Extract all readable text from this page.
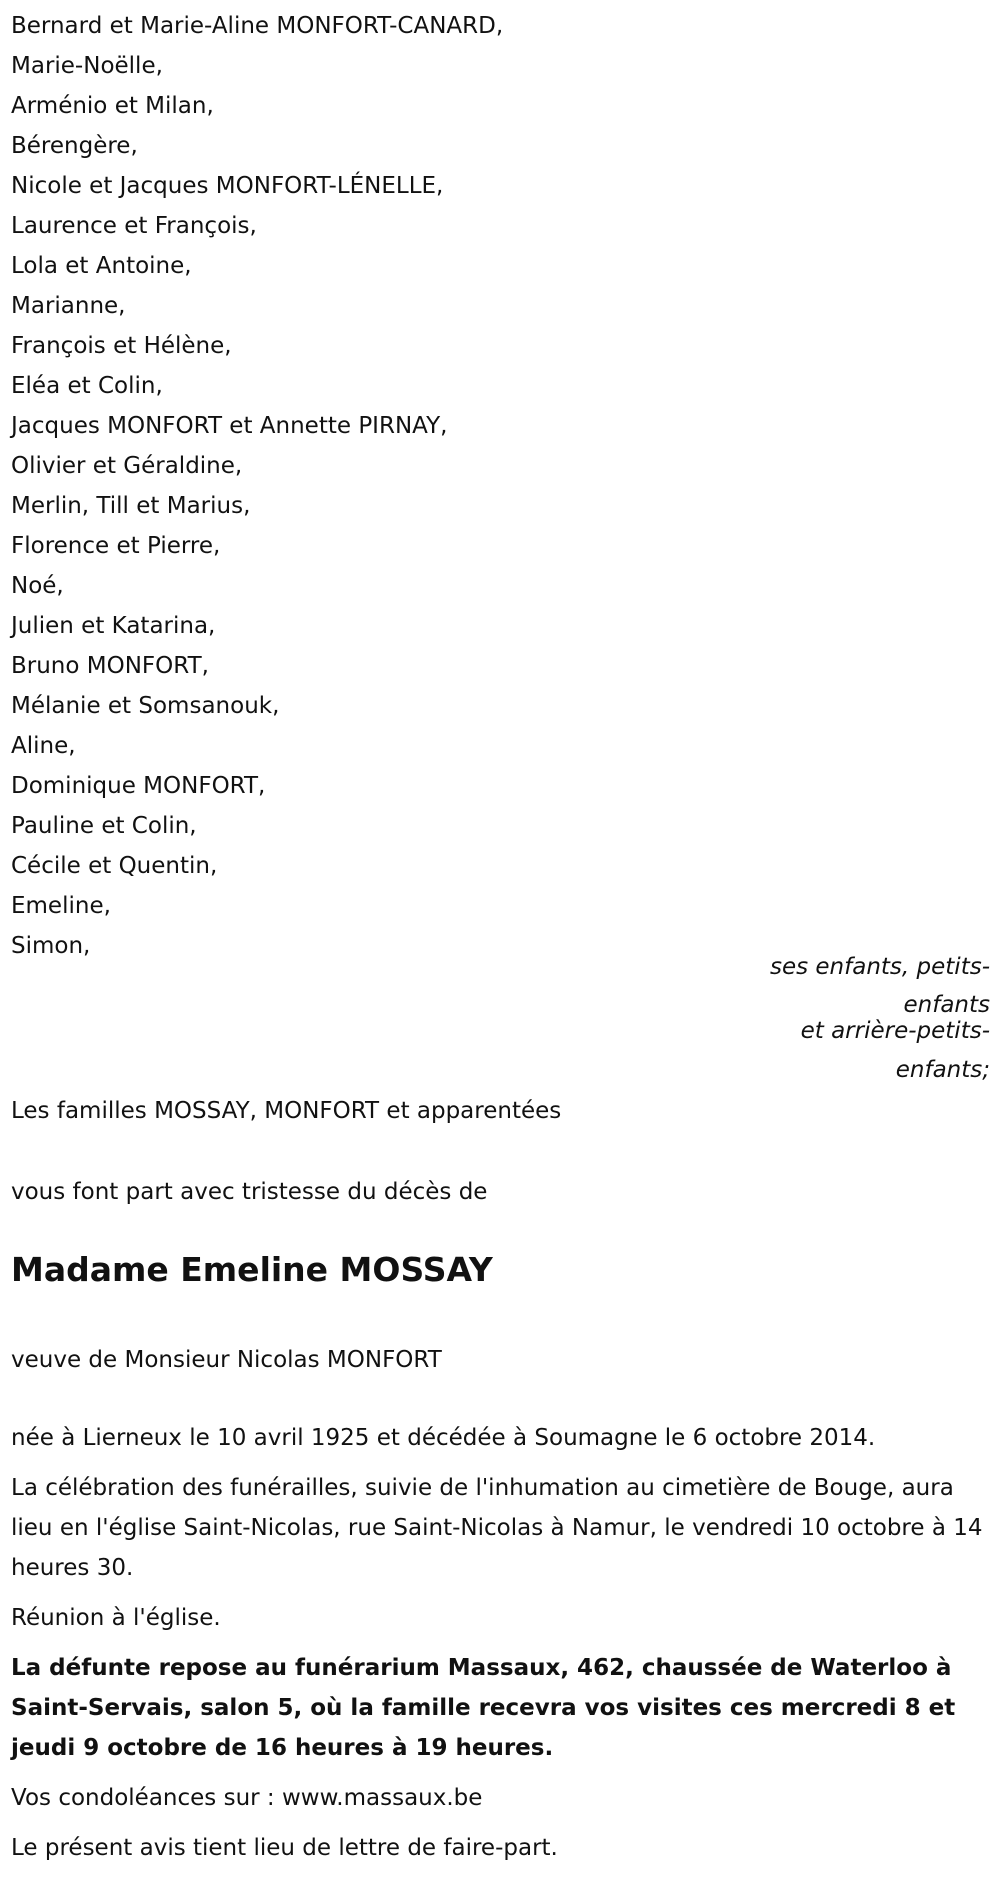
Bernard et Marie-Aline MONFORT-CANARD,
Marie-Noëlle,
Arménio et Milan,
Bérengère,
Nicole et Jacques MONFORT-LÉNELLE,
Laurence et François,
Lola et Antoine,
Marianne,
François et Hélène,
Eléa et Colin,
Jacques MONFORT et Annette PIRNAY,
Olivier et Géraldine,
Merlin, Till et Marius,
Florence et Pierre,
Noé,
Julien et Katarina,
Bruno MONFORT,
Mélanie et Somsanouk,
Aline,
Dominique MONFORT,
Pauline et Colin,
Cécile et Quentin,
Emeline,
Simon,
ses enfants, petits-
enfants
et arrière-petits-
enfants;
Les familles MOSSAY, MONFORT et apparentées
vous font part avec tristesse du décès de
Madame Emeline MOSSAY
veuve de Monsieur Nicolas MONFORT
née à Lierneux le 10 avril 1925 et décédée à Soumagne le 6 octobre 2014.
La célébration des funérailles, suivie de l'inhumation au cimetière de Bouge, aura lieu en l'église Saint-Nicolas, rue Saint-Nicolas à Namur, le vendredi 10 octobre à 14 heures 30.
Réunion à l'église.
La défunte repose au funérarium Massaux, 462, chaussée de Waterloo à Saint-Servais, salon 5, où la famille recevra vos visites ces mercredi 8 et jeudi 9 octobre de 16 heures à 19 heures.
Vos condoléances sur : www.massaux.be
Le présent avis tient lieu de lettre de faire-part.
